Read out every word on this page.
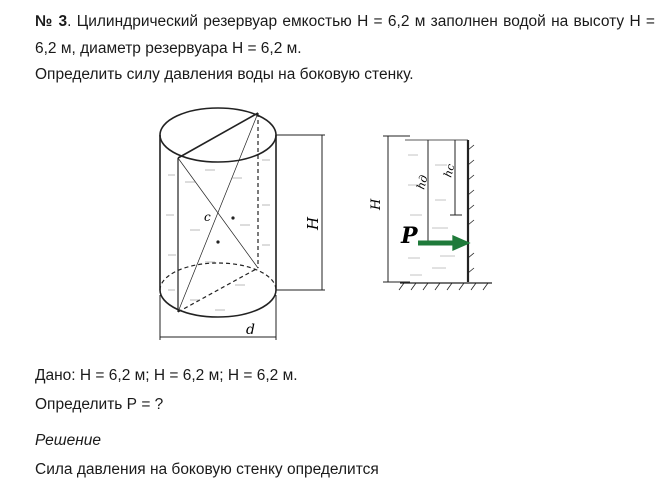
№ 3. Цилиндрический резервуар емкостью Н = 6,2 м заполнен водой на высоту Н = 6,2 м, диаметр резервуара Н = 6,2 м.
Определить силу давления воды на боковую стенку.
c	H
d
H
hд
hc
P
Дано: Н = 6,2 м; Н = 6,2 м; Н = 6,2 м.
Определить Р = ?
Решение
Сила давления на боковую стенку определится
